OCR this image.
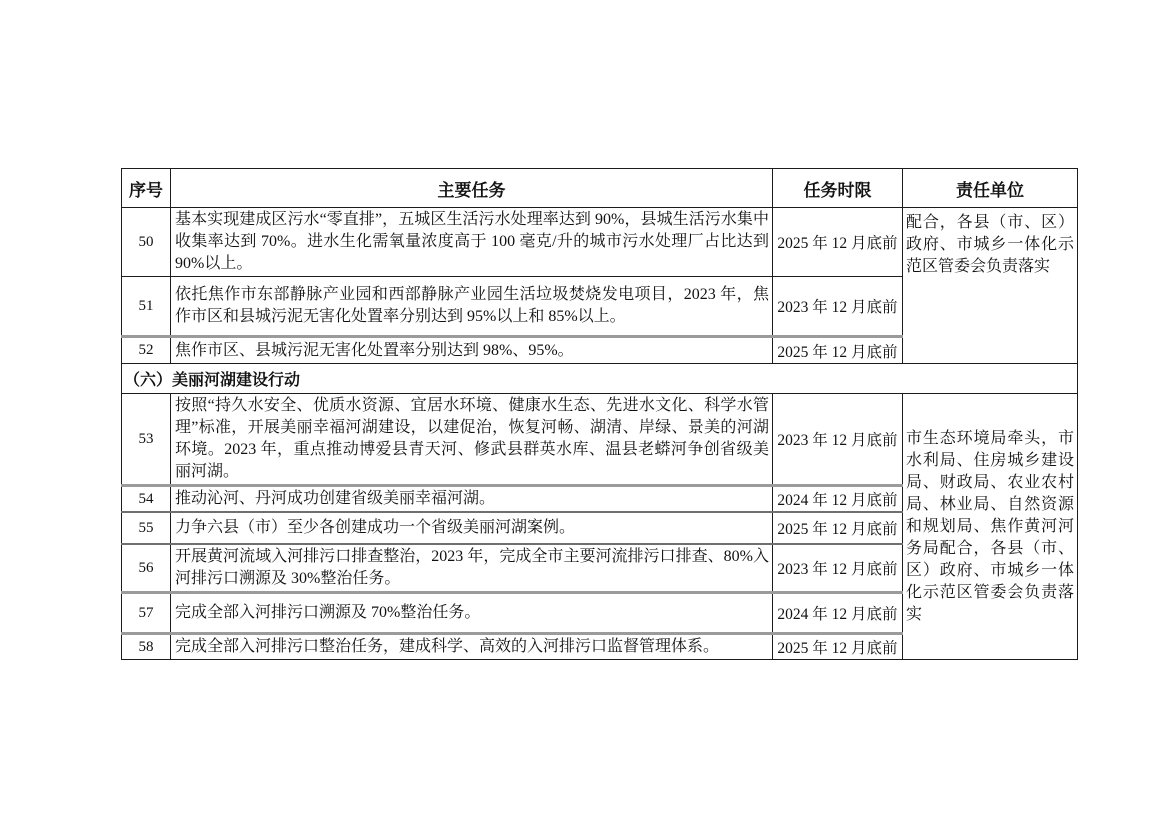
序号	主要任务	任务时限	责任单位
50	基本实现建成区污水“零直排”，五城区生活污水处理率达到 90%，县城生活污水集中收集率达到 70%。进水生化需氧量浓度高于 100 毫克/升的城市污水处理厂占比达到 90%以上。	2025 年 12 月底前	配合，各县（市、区）政府、市城乡一体化示范区管委会负责落实
51	依托焦作市东部静脉产业园和西部静脉产业园生活垃圾焚烧发电项目，2023 年，焦作市区和县城污泥无害化处置率分别达到 95%以上和 85%以上。	2023 年 12 月底前	
52	焦作市区、县城污泥无害化处置率分别达到 98%、95%。	2025 年 12 月底前	
（六）美丽河湖建设行动			
53	按照“持久水安全、优质水资源、宜居水环境、健康水生态、先进水文化、科学水管理”标准，开展美丽幸福河湖建设，以建促治，恢复河畅、湖清、岸绿、景美的河湖环境。2023 年，重点推动博爱县青天河、修武县群英水库、温县老蟒河争创省级美丽河湖。	2023 年 12 月底前	市生态环境局牵头，市水利局、住房城乡建设局、财政局、农业农村局、林业局、自然资源和规划局、焦作黄河河务局配合，各县（市、区）政府、市城乡一体化示范区管委会负责落实
54	推动沁河、丹河成功创建省级美丽幸福河湖。	2024 年 12 月底前	
55	力争六县（市）至少各创建成功一个省级美丽河湖案例。	2025 年 12 月底前	
56	开展黄河流域入河排污口排查整治，2023 年，完成全市主要河流排污口排查、80%入河排污口溯源及 30%整治任务。	2023 年 12 月底前	
57	完成全部入河排污口溯源及 70%整治任务。	2024 年 12 月底前	
58	完成全部入河排污口整治任务，建成科学、高效的入河排污口监督管理体系。	2025 年 12 月底前	
